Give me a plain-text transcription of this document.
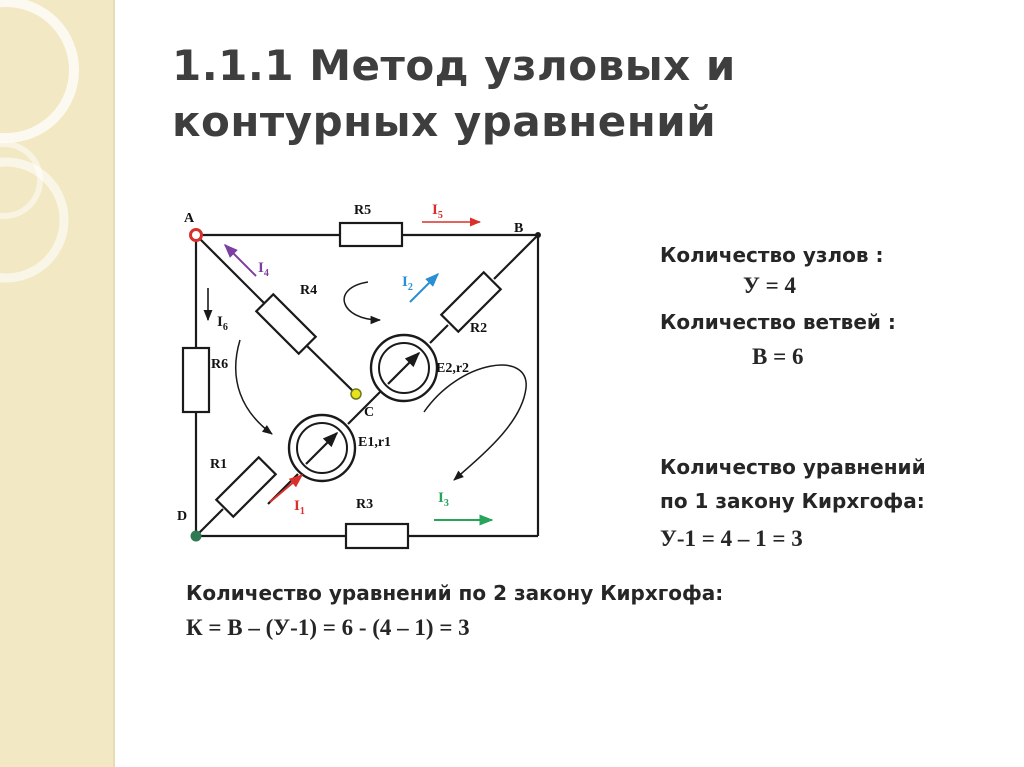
1.1.1 Метод узловых и
контурных уравнений
A
B
C
D
R5
R4
R2
R6
R1
R3
E2,r2
E1,r1
$I_5$
$I_4$
$I_2$
$I_6$
$I_1$
$I_3$
Количество узлов :
У = 4
Количество ветвей :
В = 6
Количество уравнений
по 1 закону Кирхгофа:
У-1 = 4 – 1 = 3
Количество уравнений по 2 закону Кирхгофа:
К = В – (У-1) = 6 - (4 – 1) = 3
